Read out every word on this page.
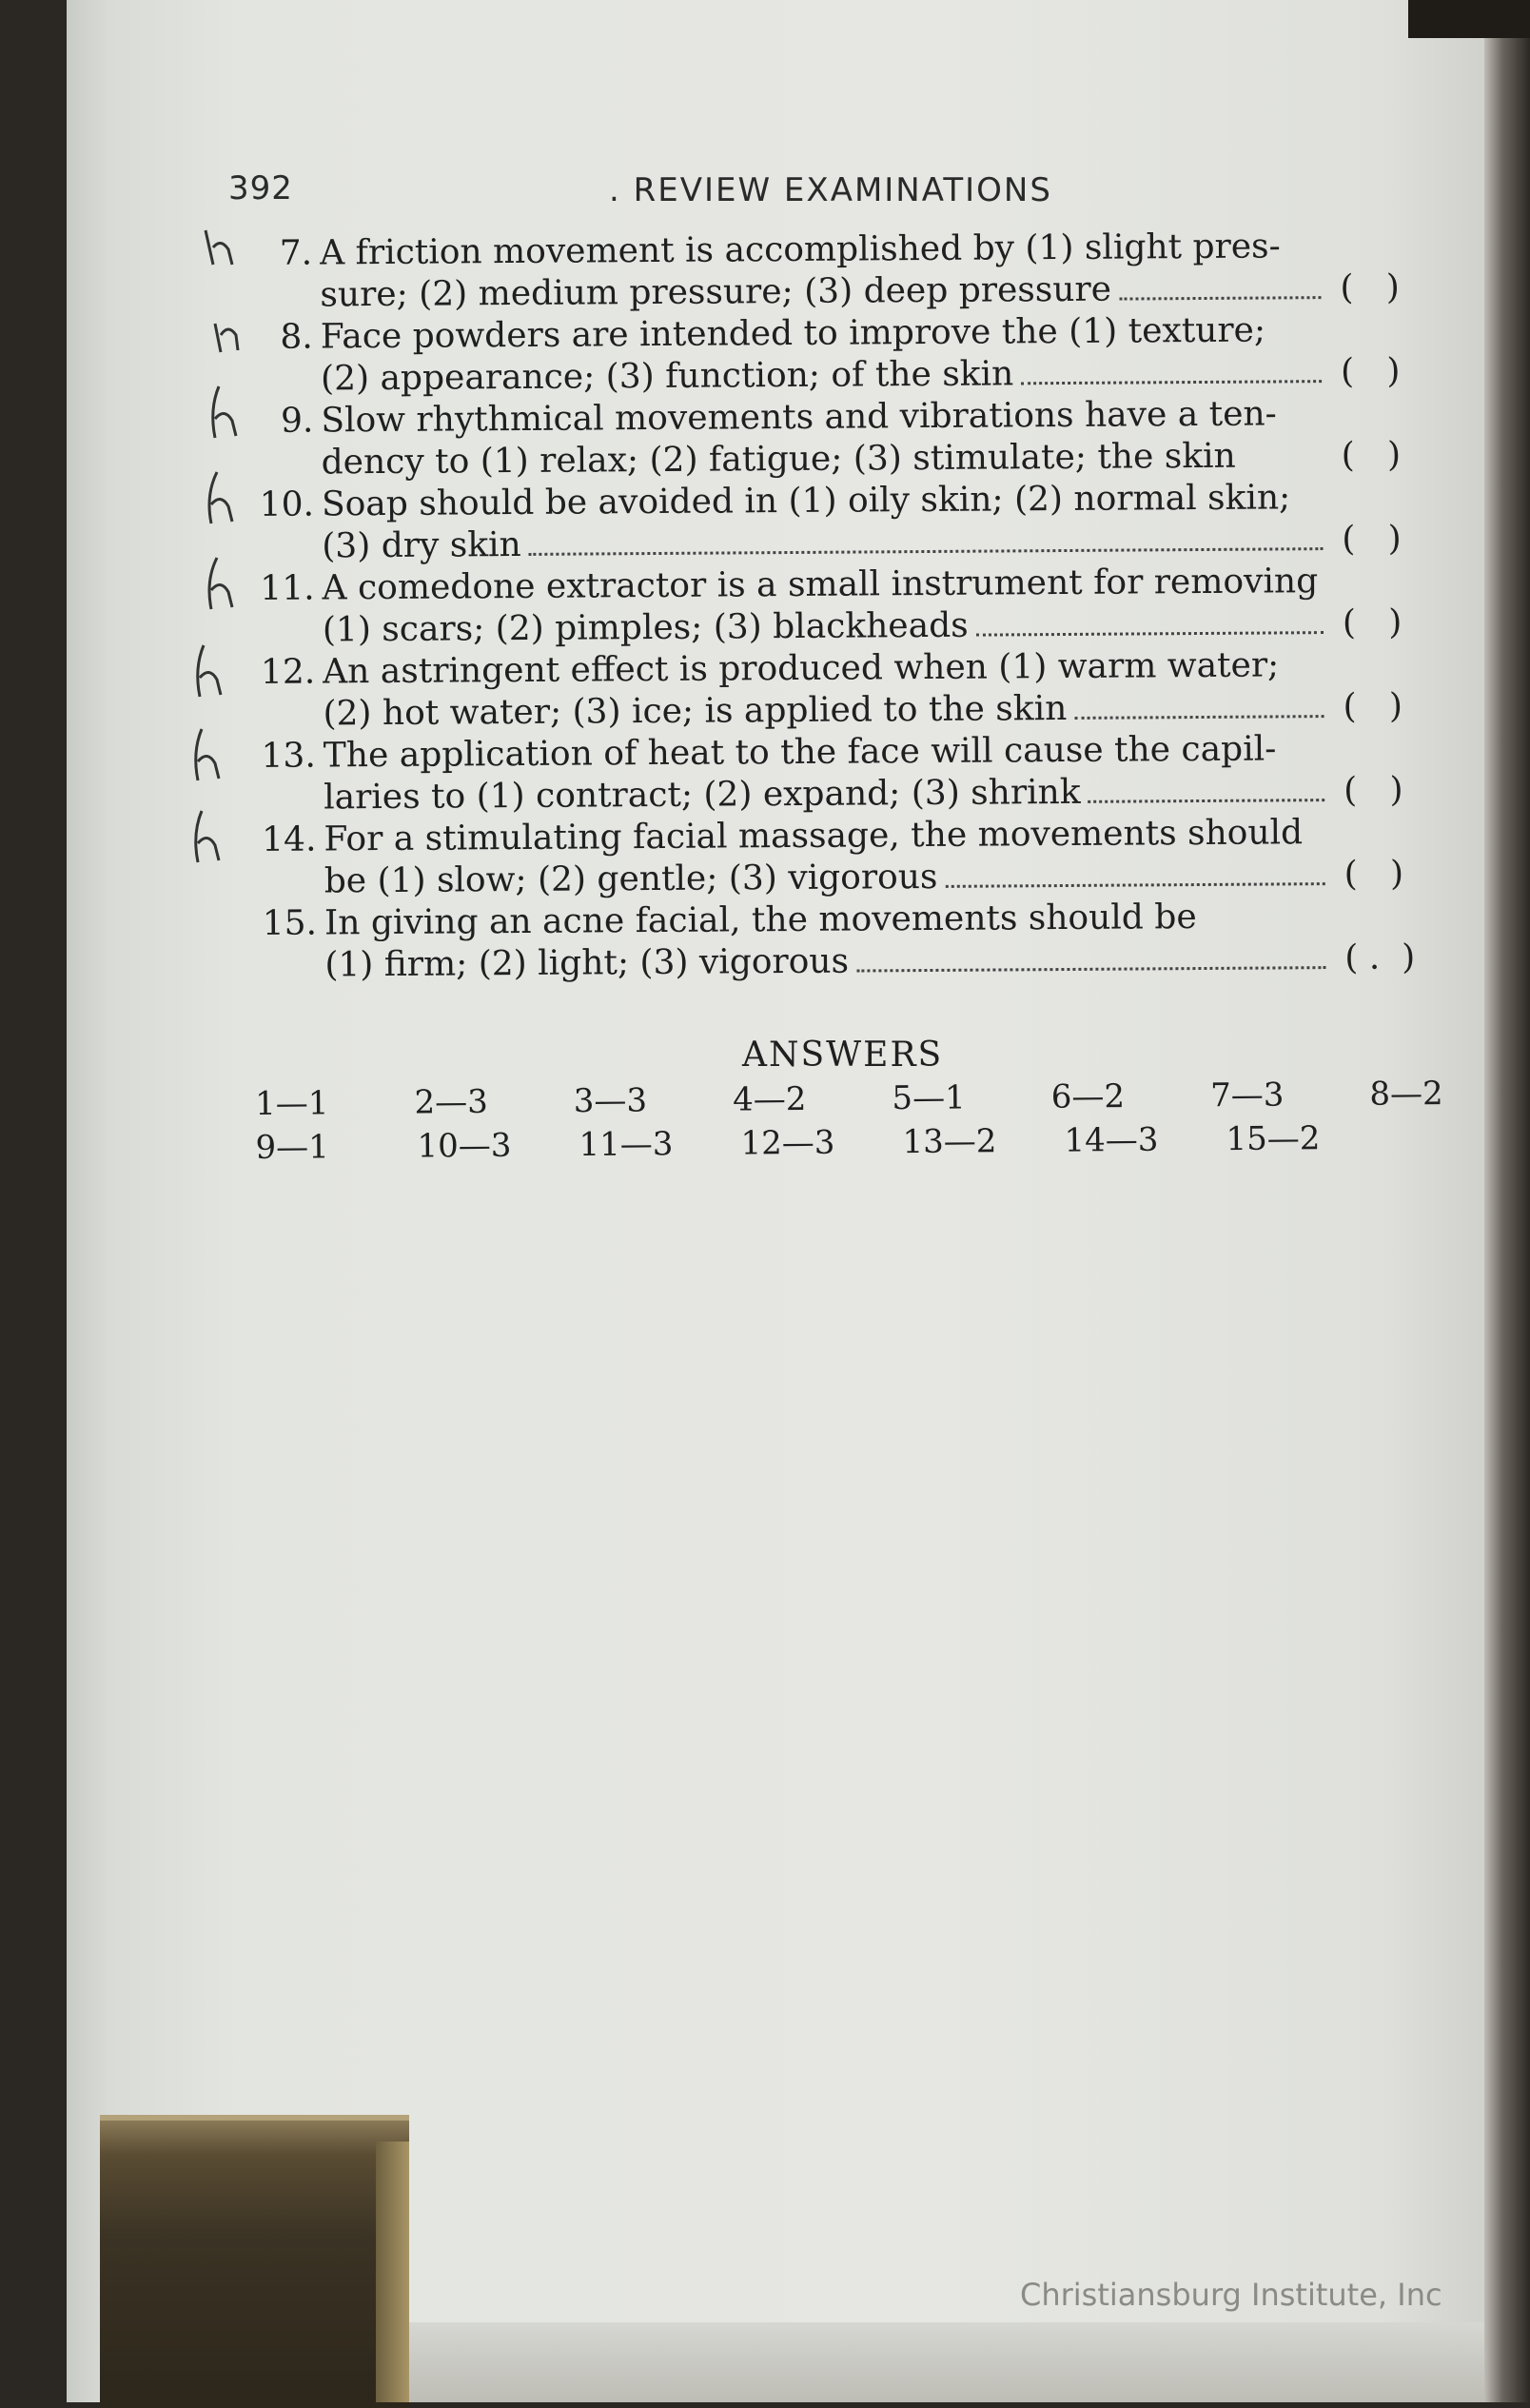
392	. REVIEW EXAMINATIONS
7. A friction movement is accomplished by (1) slight pres-
sure; (2) medium pressure; (3) deep pressure	(   )
8. Face powders are intended to improve the (1) texture;
(2) appearance; (3) function; of the skin	(   )
9. Slow rhythmical movements and vibrations have a ten-
dency to (1) relax; (2) fatigue; (3) stimulate; the skin	(   )
10. Soap should be avoided in (1) oily skin; (2) normal skin;
(3) dry skin	(   )
11. A comedone extractor is a small instrument for removing
(1) scars; (2) pimples; (3) blackheads	(   )
12. An astringent effect is produced when (1) warm water;
(2) hot water; (3) ice; is applied to the skin	(   )
13. The application of heat to the face will cause the capil-
laries to (1) contract; (2) expand; (3) shrink	(   )
14. For a stimulating facial massage, the movements should
be (1) slow; (2) gentle; (3) vigorous	(   )
15. In giving an acne facial, the movements should be
(1) firm; (2) light; (3) vigorous	( .  )
ANSWERS
1—1	2—3	3—3	4—2	5—1	6—2	7—3	8—2
9—1	10—3	11—3	12—3	13—2	14—3	15—2
Christiansburg Institute, Inc
